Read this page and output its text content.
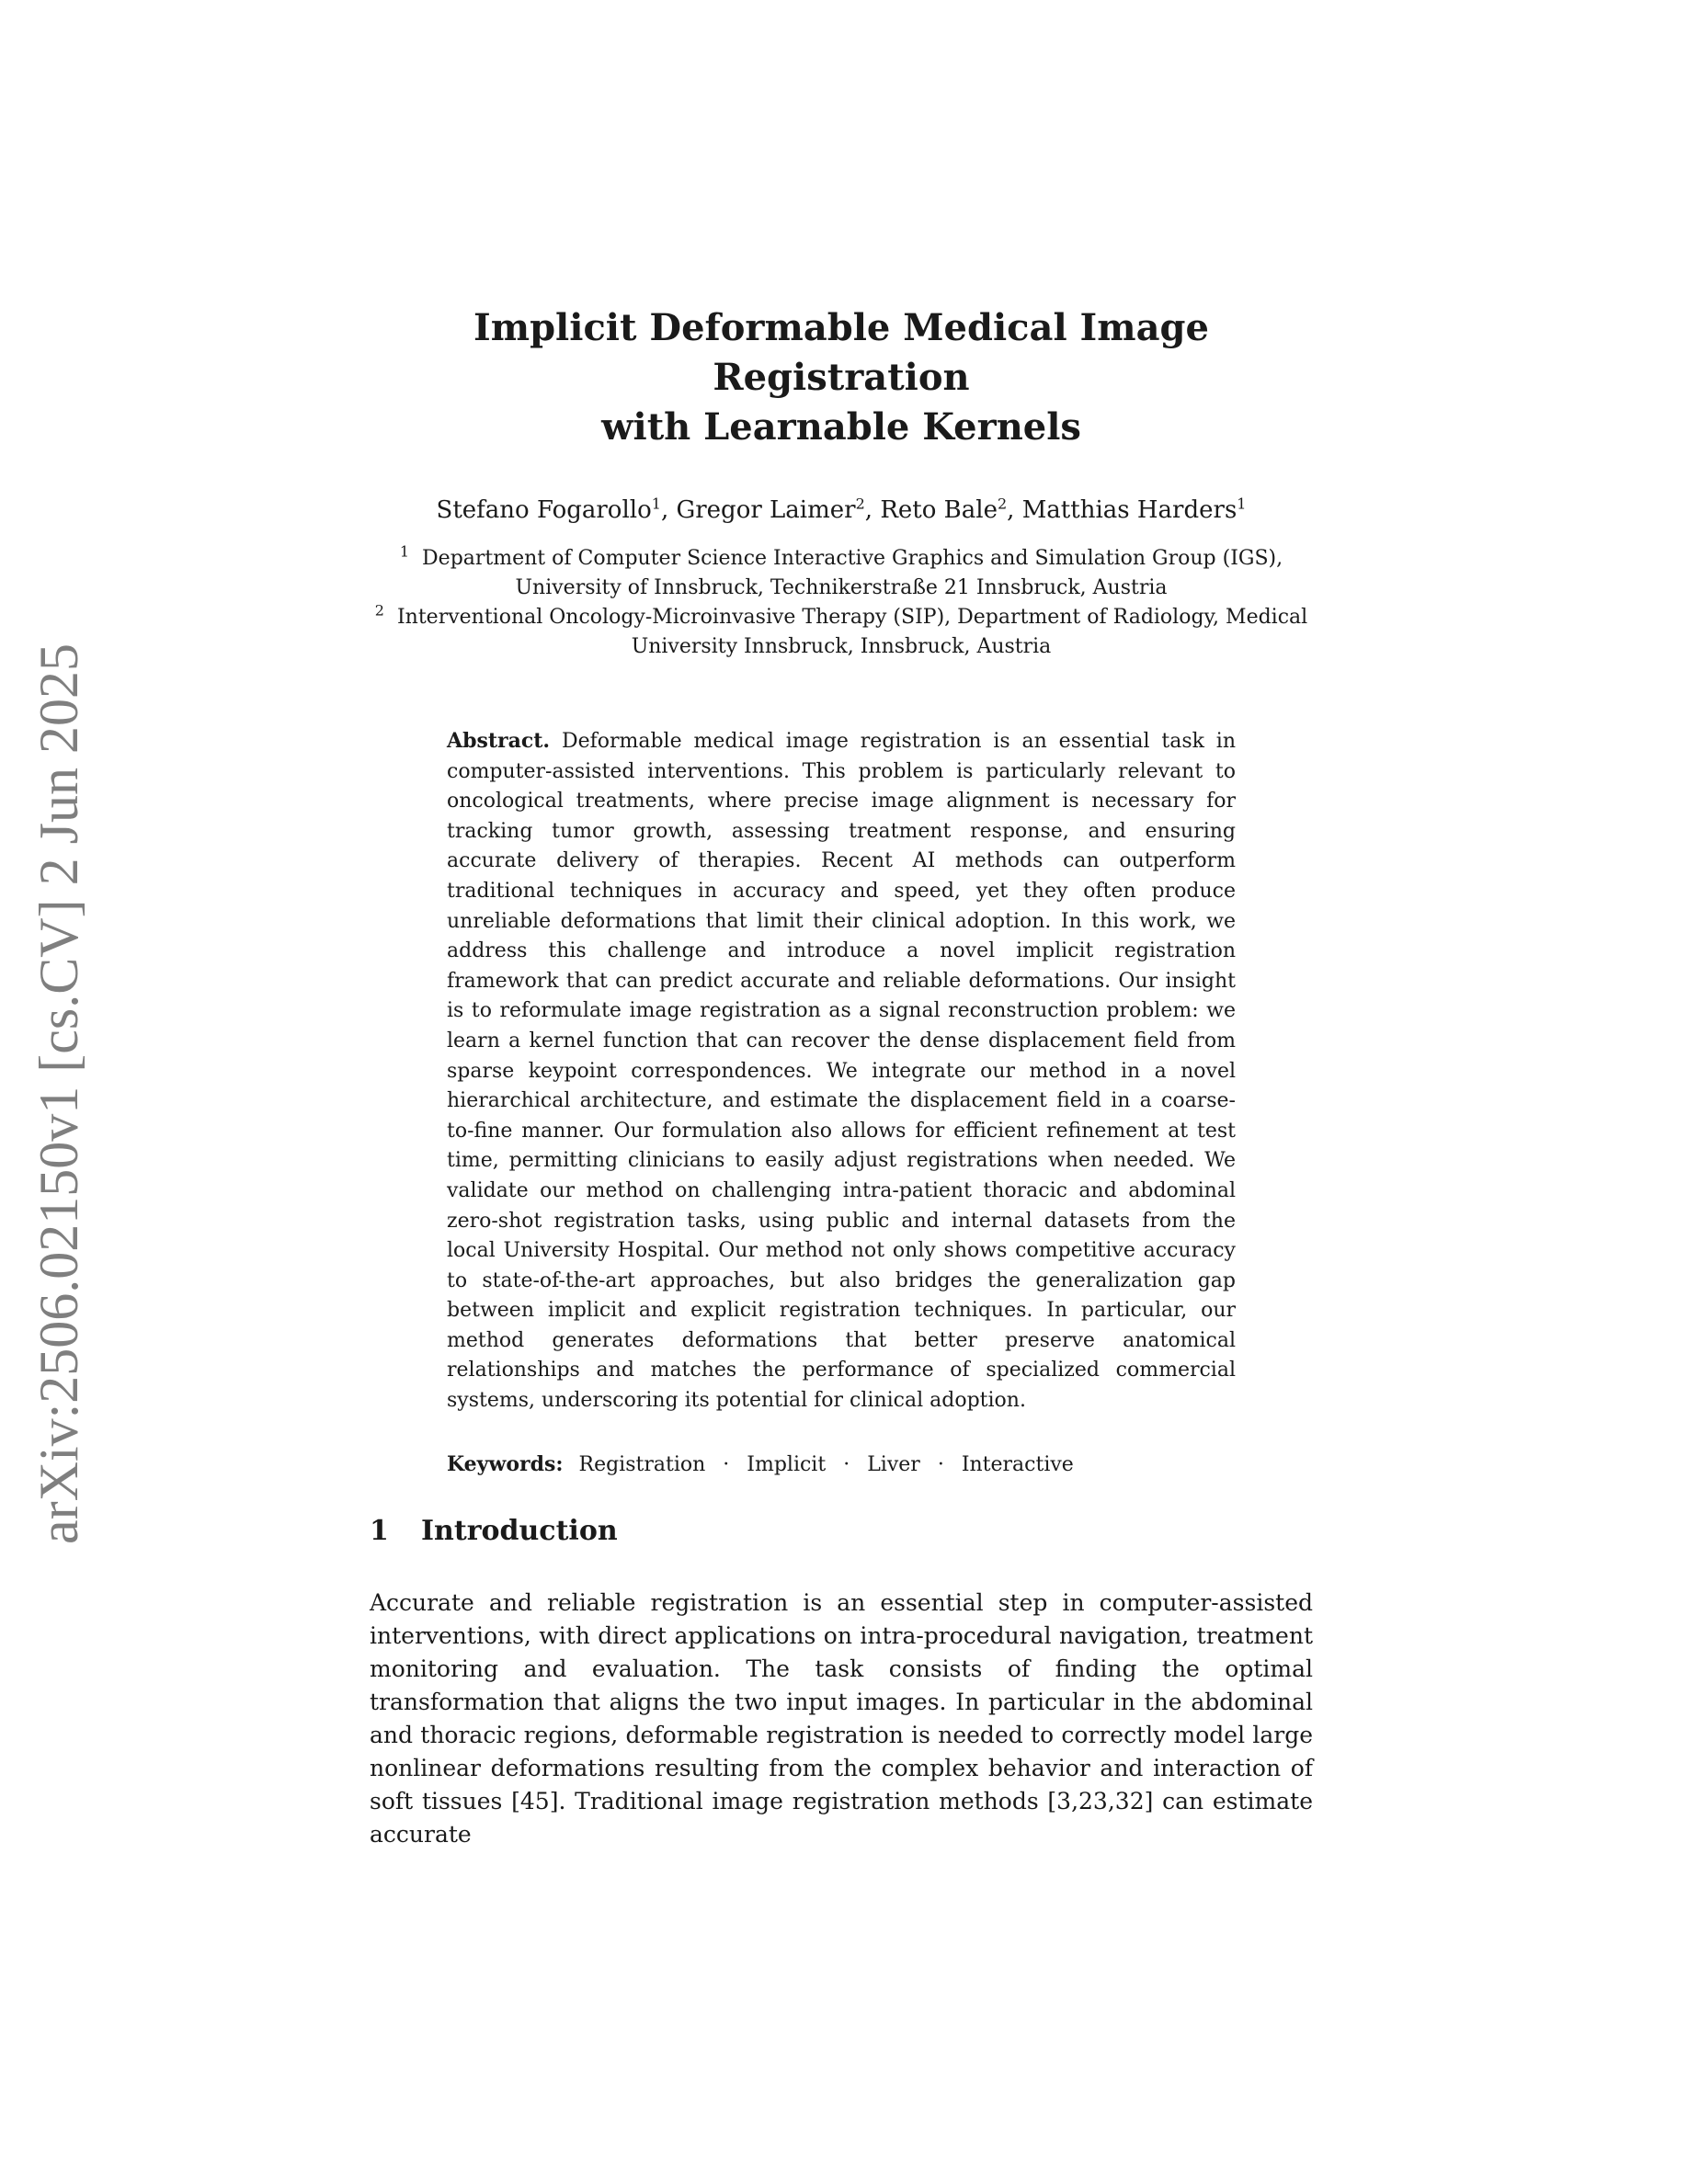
arXiv:2506.02150v1 [cs.CV] 2 Jun 2025
Implicit Deformable Medical Image Registration
with Learnable Kernels
Stefano Fogarollo$^1$, Gregor Laimer$^2$, Reto Bale$^2$, Matthias Harders$^1$

$^1$ Department of Computer Science Interactive Graphics and Simulation Group (IGS), University of Innsbruck, Technikerstraße 21 Innsbruck, Austria

$^2$ Interventional Oncology-Microinvasive Therapy (SIP), Department of Radiology, Medical University Innsbruck, Innsbruck, Austria

Abstract. Deformable medical image registration is an essential task in computer-assisted interventions. This problem is particularly relevant to oncological treatments, where precise image alignment is necessary for tracking tumor growth, assessing treatment response, and ensuring accurate delivery of therapies. Recent AI methods can outperform traditional techniques in accuracy and speed, yet they often produce unreliable deformations that limit their clinical adoption. In this work, we address this challenge and introduce a novel implicit registration framework that can predict accurate and reliable deformations. Our insight is to reformulate image registration as a signal reconstruction problem: we learn a kernel function that can recover the dense displacement field from sparse keypoint correspondences. We integrate our method in a novel hierarchical architecture, and estimate the displacement field in a coarse-to-fine manner. Our formulation also allows for efficient refinement at test time, permitting clinicians to easily adjust registrations when needed. We validate our method on challenging intra-patient thoracic and abdominal zero-shot registration tasks, using public and internal datasets from the local University Hospital. Our method not only shows competitive accuracy to state-of-the-art approaches, but also bridges the generalization gap between implicit and explicit registration techniques. In particular, our method generates deformations that better preserve anatomical relationships and matches the performance of specialized commercial systems, underscoring its potential for clinical adoption.
Keywords: Registration · Implicit · Liver · Interactive
1 Introduction

Accurate and reliable registration is an essential step in computer-assisted interventions, with direct applications on intra-procedural navigation, treatment monitoring and evaluation. The task consists of finding the optimal transformation that aligns the two input images. In particular in the abdominal and thoracic regions, deformable registration is needed to correctly model large nonlinear deformations resulting from the complex behavior and interaction of soft tissues [45]. Traditional image registration methods [3,23,32] can estimate accurate
